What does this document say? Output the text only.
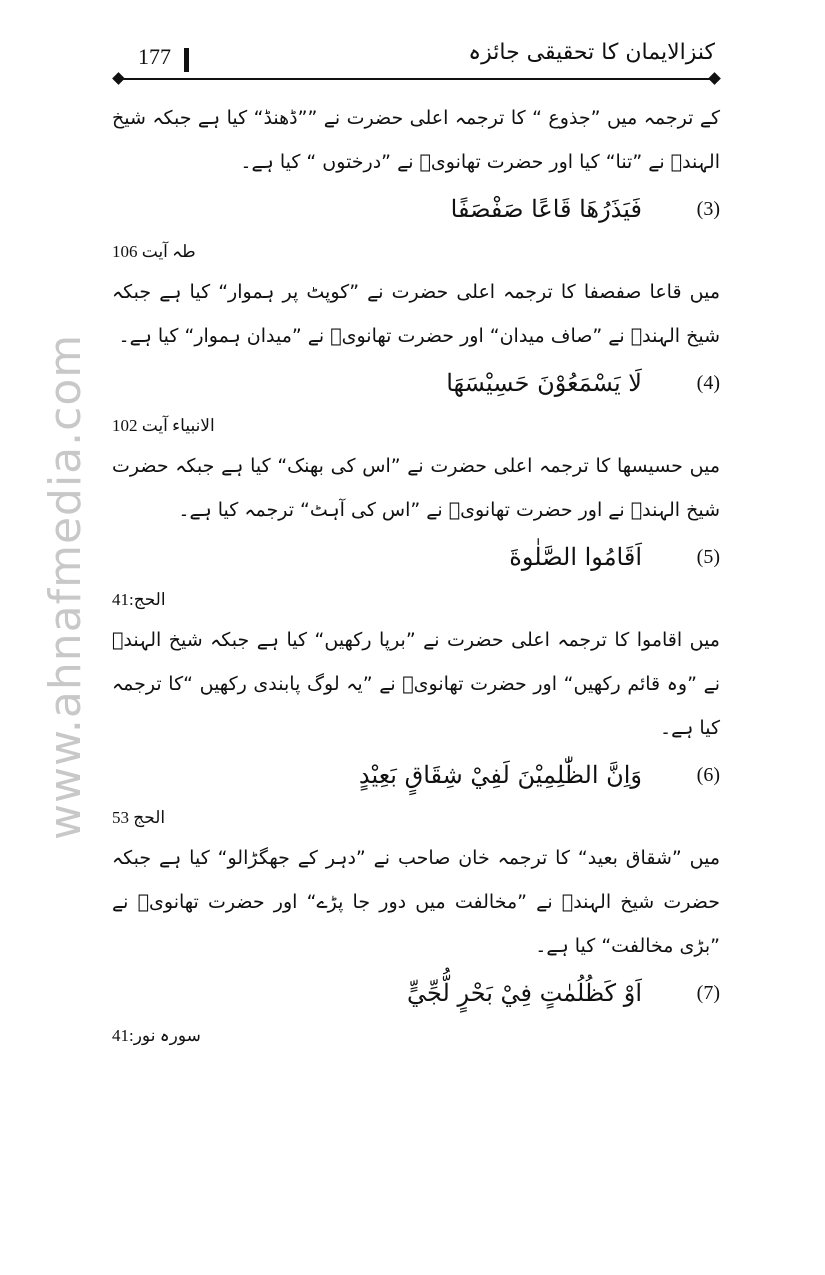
کنزالایمان کا تحقیقی جائزہ
177
www.ahnafmedia.com

کے ترجمہ میں ”جذوع “ کا ترجمہ اعلی حضرت نے ””ڈھنڈ“ کیا ہے جبکہ شیخ الہندؒ نے ”تنا“ کیا اور حضرت تھانویؒ نے ”درختوں “ کیا ہے۔

(3)
فَيَذَرُهَا قَاعًا صَفْصَفًا

طہ آیت 106

میں قاعا صفصفا کا ترجمہ اعلی حضرت نے ”کوپٹ پر ہموار“ کیا ہے جبکہ شیخ الہندؒ نے ”صاف میدان“ اور حضرت تھانویؒ نے ”میدان ہموار“ کیا ہے۔

(4)
لَا يَسْمَعُوْنَ حَسِيْسَهَا

الانبیاء آیت 102

میں حسیسھا کا ترجمہ اعلی حضرت نے ”اس کی بھنک“ کیا ہے جبکہ حضرت شیخ الہندؒ نے اور حضرت تھانویؒ نے ”اس کی آہٹ“ ترجمہ کیا ہے۔

(5)
اَقَامُوا الصَّلٰوةَ

الحج:41

میں اقاموا کا ترجمہ اعلی حضرت نے ”برپا رکھیں“ کیا ہے جبکہ شیخ الہندؒ نے ”وہ قائم رکھیں“ اور حضرت تھانویؒ نے ”یہ لوگ پابندی رکھیں “کا ترجمہ کیا ہے۔

(6)
وَاِنَّ الظّٰلِمِيْنَ لَفِيْ شِقَاقٍ بَعِيْدٍ

الحج 53

میں ”شقاق بعید“ کا ترجمہ خان صاحب نے ”دہر کے جھگڑالو“ کیا ہے جبکہ حضرت شیخ الہندؒ نے ”مخالفت میں دور جا پڑے“ اور حضرت تھانویؒ نے ”بڑی مخالفت“ کیا ہے۔

(7)
اَوْ كَظُلُمٰتٍ فِيْ بَحْرٍ لُّجِّيٍّ

سورہ نور:41
